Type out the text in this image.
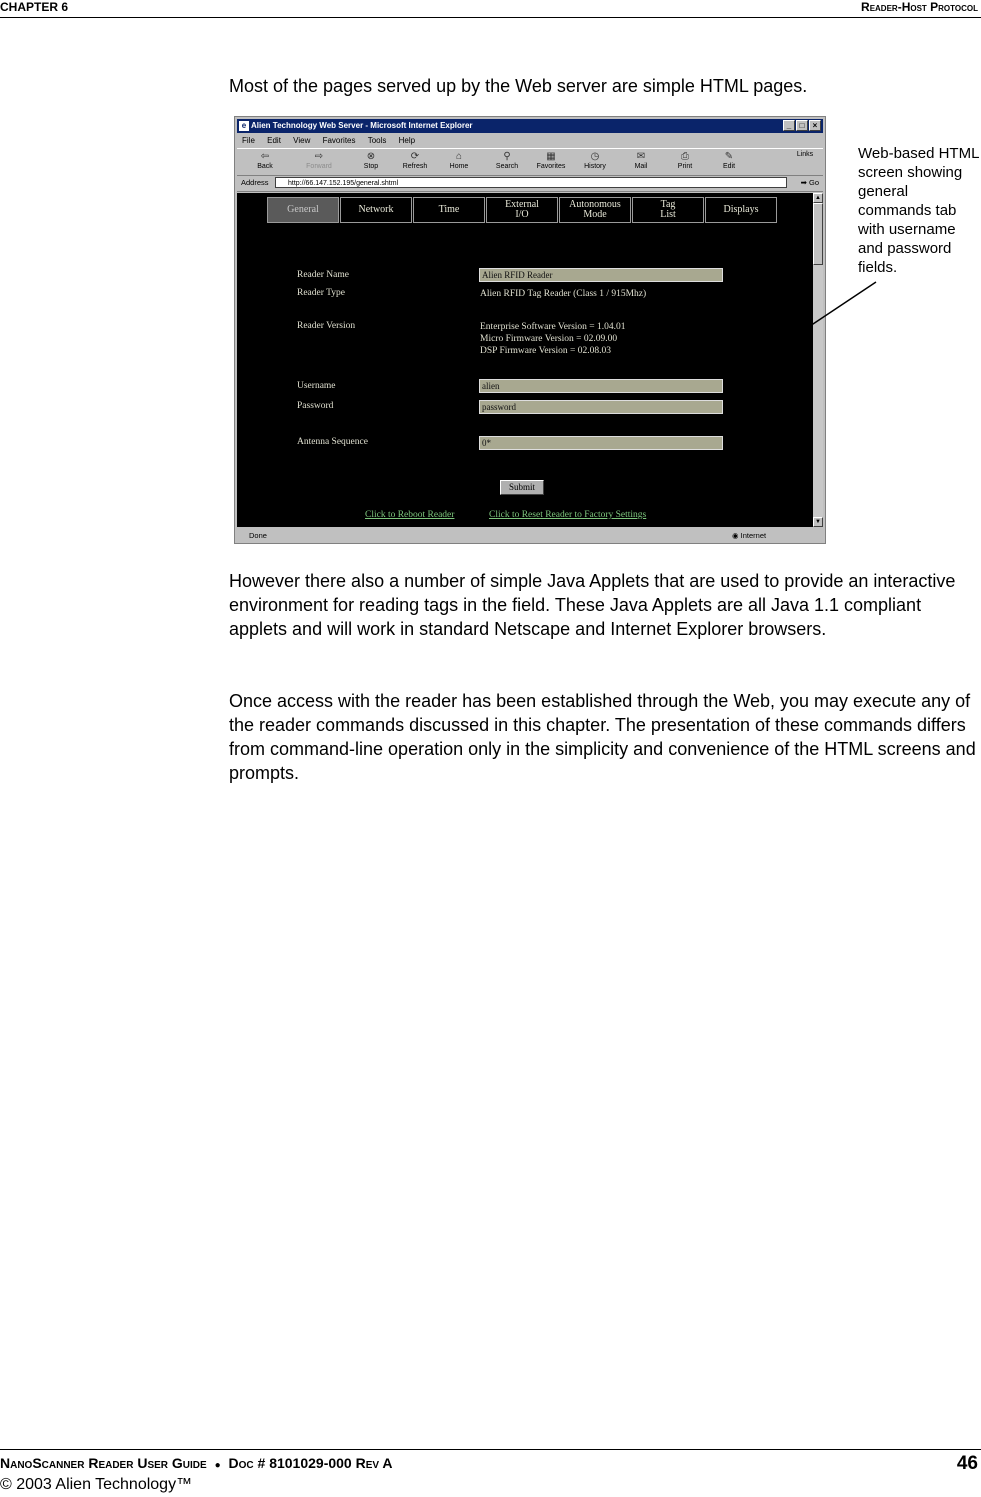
CHAPTER 6	Reader-Host Protocol

Most of the pages served up by the Web server are simple HTML pages.

e Alien Technology Web Server - Microsoft Internet Explorer	_	□	×
File Edit View Favorites Tools Help
⇦
Back
⇨
Forward
⊗
Stop
⟳
Refresh
⌂
Home
⚲
Search
▦
Favorites
◷
History
✉
Mail
⎙
Print
✎
Edit
Links
Address	http://66.147.152.195/general.shtml	➡ Go
General	Network	Time	External
I/O
Autonomous
Mode
Tag
List	Displays
Reader Name	Alien RFID Reader
Reader Type	Alien RFID Tag Reader (Class 1 / 915Mhz)
Reader Version	Enterprise Software Version = 1.04.01
Micro Firmware Version = 02.09.00
DSP Firmware Version = 02.08.03
Username	alien
Password	password
Antenna Sequence	0*
Submit
Click to Reboot Reader	Click to Reset Reader to Factory Settings
▲
▼
Done	◉ Internet
Web-based HTML screen showing general commands tab with username and password fields.

However there also a number of simple Java Applets that are used to provide an interactive environment for reading tags in the field. These Java Applets are all Java 1.1 compliant applets and will work in standard Netscape and Internet Explorer browsers.

Once access with the reader has been established through the Web, you may execute any of the reader commands discussed in this chapter. The presentation of these commands differs from command-line operation only in the simplicity and convenience of the HTML screens and prompts.

NanoScanner Reader User Guide ● Doc # 8101029-000 Rev A
© 2003 Alien Technology™
46
